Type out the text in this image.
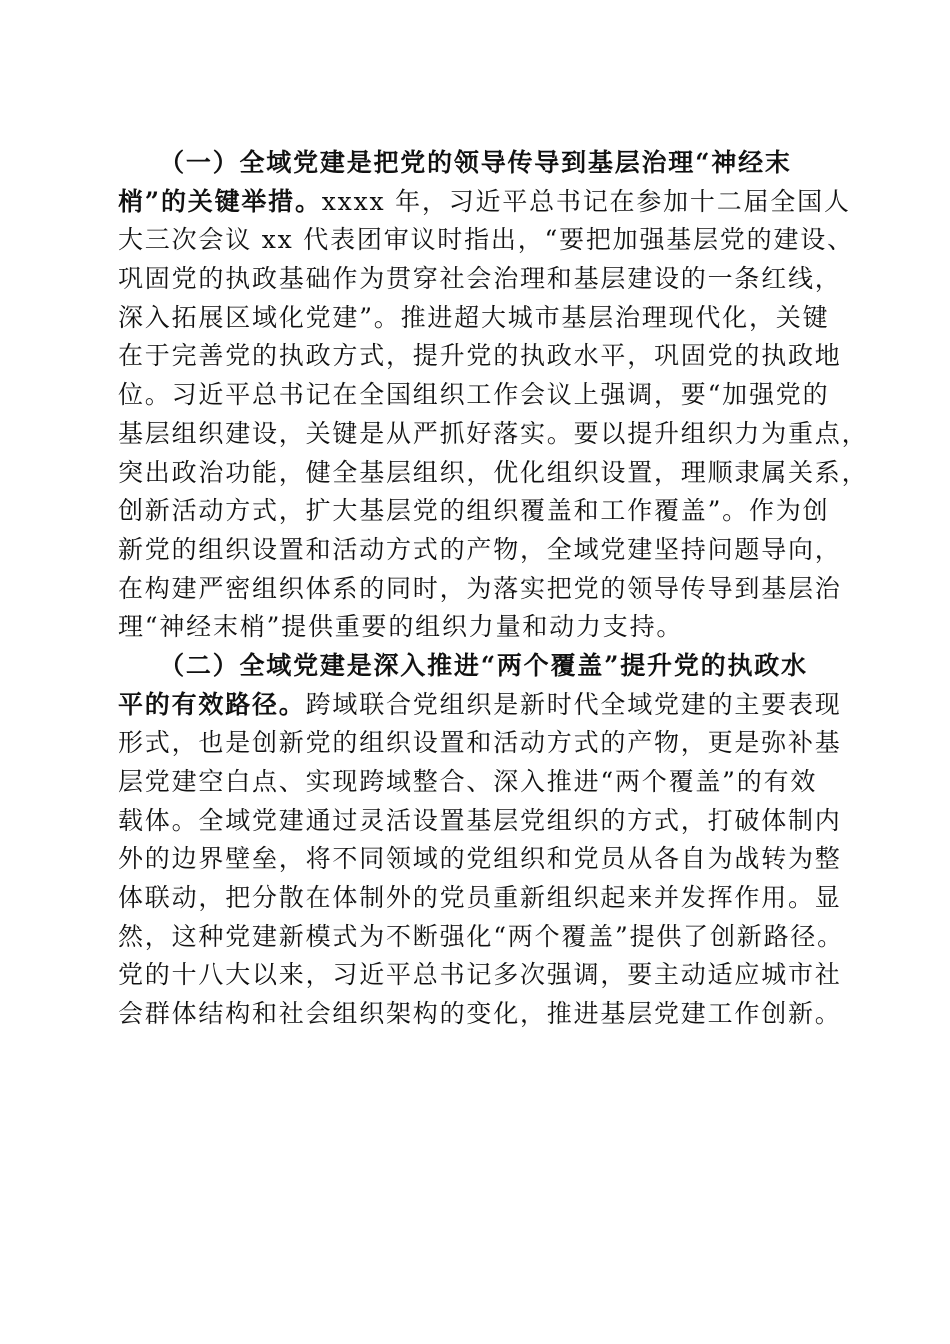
　　（一）全域党建是把党的领导传导到基层治理“神经末
梢”的关键举措。xxxx 年，习近平总书记在参加十二届全国人
大三次会议 xx 代表团审议时指出，“要把加强基层党的建设、
巩固党的执政基础作为贯穿社会治理和基层建设的一条红线，
深入拓展区域化党建”。推进超大城市基层治理现代化，关键
在于完善党的执政方式，提升党的执政水平，巩固党的执政地
位。习近平总书记在全国组织工作会议上强调，要“加强党的
基层组织建设，关键是从严抓好落实。要以提升组织力为重点，
突出政治功能，健全基层组织，优化组织设置，理顺隶属关系，
创新活动方式，扩大基层党的组织覆盖和工作覆盖”。作为创
新党的组织设置和活动方式的产物，全域党建坚持问题导向，
在构建严密组织体系的同时，为落实把党的领导传导到基层治
理“神经末梢”提供重要的组织力量和动力支持。
　　（二）全域党建是深入推进“两个覆盖”提升党的执政水
平的有效路径。跨域联合党组织是新时代全域党建的主要表现
形式，也是创新党的组织设置和活动方式的产物，更是弥补基
层党建空白点、实现跨域整合、深入推进“两个覆盖”的有效
载体。全域党建通过灵活设置基层党组织的方式，打破体制内
外的边界壁垒，将不同领域的党组织和党员从各自为战转为整
体联动，把分散在体制外的党员重新组织起来并发挥作用。显
然，这种党建新模式为不断强化“两个覆盖”提供了创新路径。
党的十八大以来，习近平总书记多次强调，要主动适应城市社
会群体结构和社会组织架构的变化，推进基层党建工作创新。
